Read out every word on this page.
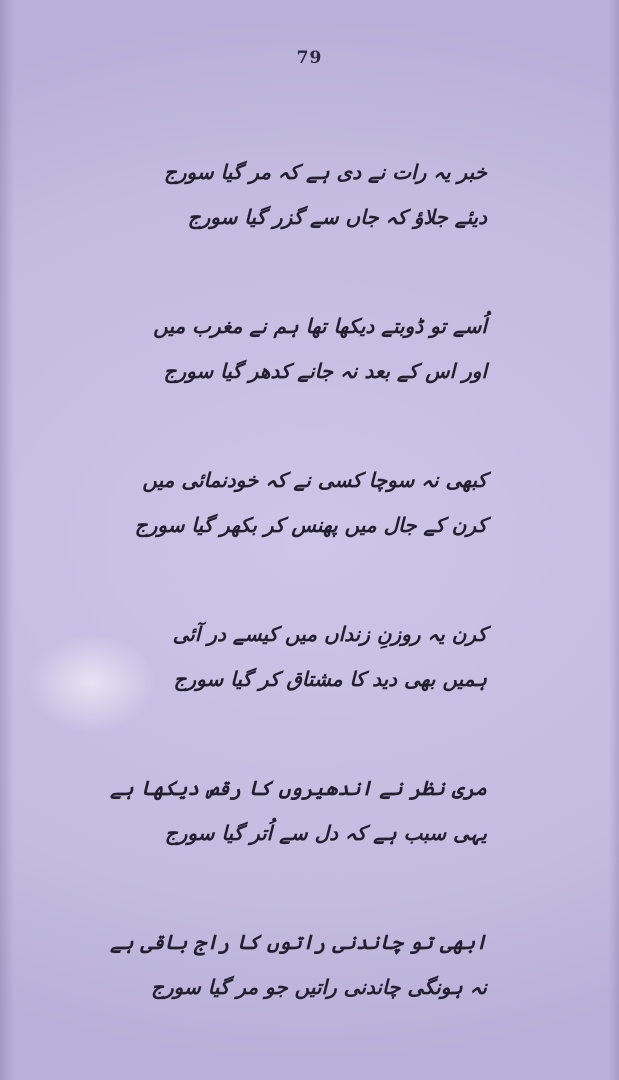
79
خبر یہ رات نے دی ہے کہ مر گیا سورج
دیئے جلاؤ کہ جاں سے گزر گیا سورج
اُسے تو ڈوبتے دیکھا تھا ہم نے مغرب میں
اور اس کے بعد نہ جانے کدھر گیا سورج
کبھی نہ سوچا کسی نے کہ خودنمائی میں
کرن کے جال میں پھنس کر بکھر گیا سورج
کرن یہ روزنِ زنداں میں کیسے در آئی
ہمیں بھی دید کا مشتاق کر گیا سورج
مری نظر نے اندھیروں کا رقص دیکھا ہے
یہی سبب ہے کہ دل سے اُتر گیا سورج
ابھی تو چاندنی راتوں کا راج باقی ہے
نہ ہونگی چاندنی راتیں جو مر گیا سورج
